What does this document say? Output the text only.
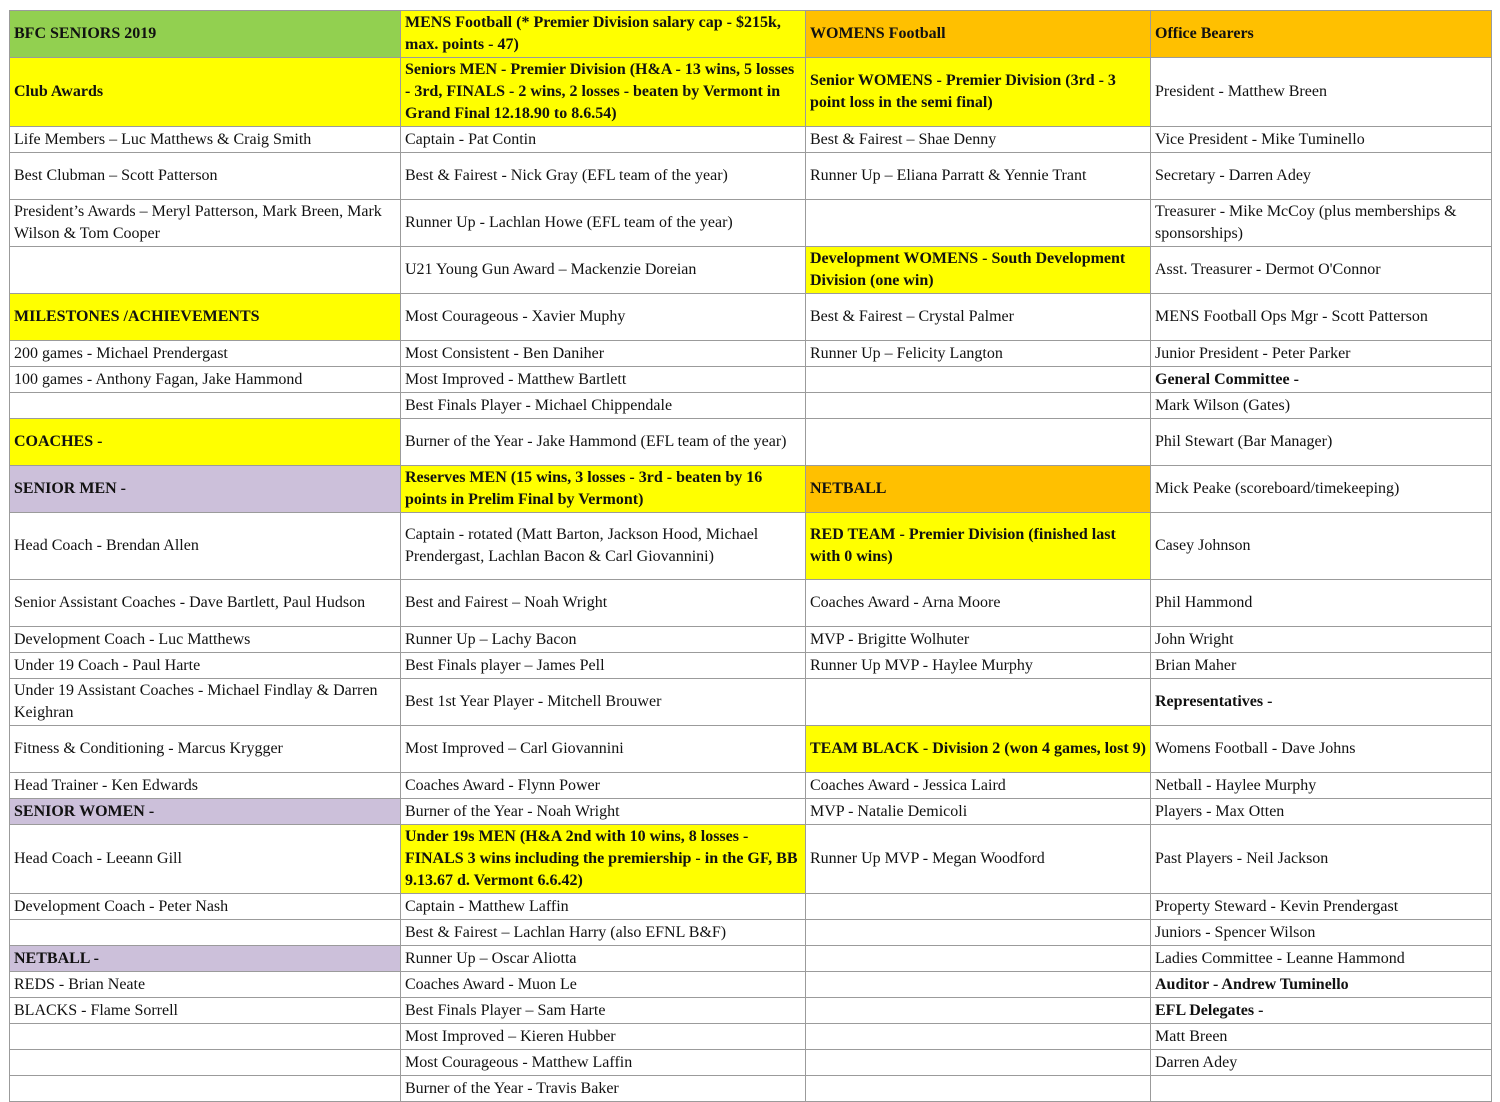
BFC SENIORS 2019	MENS Football (* Premier Division salary cap - $215k, max. points - 47)	WOMENS Football	Office Bearers
Club Awards	Seniors MEN - Premier Division (H&A - 13 wins, 5 losses - 3rd, FINALS - 2 wins, 2 losses - beaten by Vermont in Grand Final 12.18.90 to 8.6.54)	Senior WOMENS - Premier Division (3rd - 3 point loss in the semi final)	President - Matthew Breen
Life Members – Luc Matthews & Craig Smith	Captain - Pat Contin	Best & Fairest – Shae Denny	Vice President - Mike Tuminello
Best Clubman – Scott Patterson	Best & Fairest - Nick Gray (EFL team of the year)	Runner Up – Eliana Parratt & Yennie Trant	Secretary - Darren Adey
President’s Awards – Meryl Patterson, Mark Breen, Mark Wilson & Tom Cooper	Runner Up - Lachlan Howe (EFL team of the year)		Treasurer - Mike McCoy (plus memberships & sponsorships)
	U21 Young Gun Award – Mackenzie Doreian	Development WOMENS - South Development Division (one win)	Asst. Treasurer - Dermot O'Connor
MILESTONES /ACHIEVEMENTS	Most Courageous - Xavier Muphy	Best & Fairest – Crystal Palmer	MENS Football Ops Mgr - Scott Patterson
200 games - Michael Prendergast	Most Consistent - Ben Daniher	Runner Up – Felicity Langton	Junior President - Peter Parker
100 games - Anthony Fagan, Jake Hammond	Most Improved - Matthew Bartlett		General Committee -
	Best Finals Player - Michael Chippendale		Mark Wilson (Gates)
COACHES -	Burner of the Year - Jake Hammond (EFL team of the year)		Phil Stewart (Bar Manager)
SENIOR MEN -	Reserves MEN (15 wins, 3 losses - 3rd - beaten by 16 points in Prelim Final by Vermont)	NETBALL	Mick Peake (scoreboard/timekeeping)
Head Coach - Brendan Allen	Captain - rotated (Matt Barton, Jackson Hood, Michael Prendergast, Lachlan Bacon & Carl Giovannini)	RED TEAM - Premier Division (finished last with 0 wins)	Casey Johnson
Senior Assistant Coaches - Dave Bartlett, Paul Hudson	Best and Fairest – Noah Wright	Coaches Award - Arna Moore	Phil Hammond
Development Coach - Luc Matthews	Runner Up – Lachy Bacon	MVP - Brigitte Wolhuter	John Wright
Under 19 Coach - Paul Harte	Best Finals player – James Pell	Runner Up MVP - Haylee Murphy	Brian Maher
Under 19 Assistant Coaches - Michael Findlay & Darren Keighran	Best 1st Year Player - Mitchell Brouwer		Representatives -
Fitness & Conditioning - Marcus Krygger	Most Improved – Carl Giovannini	TEAM BLACK - Division 2 (won 4 games, lost 9)	Womens Football - Dave Johns
Head Trainer - Ken Edwards	Coaches Award - Flynn Power	Coaches Award - Jessica Laird	Netball - Haylee Murphy
SENIOR WOMEN -	Burner of the Year - Noah Wright	MVP - Natalie Demicoli	Players - Max Otten
Head Coach - Leeann Gill	Under 19s MEN (H&A 2nd with 10 wins, 8 losses - FINALS 3 wins including the premiership - in the GF, BB 9.13.67 d. Vermont 6.6.42)	Runner Up MVP - Megan Woodford	Past Players - Neil Jackson
Development Coach - Peter Nash	Captain - Matthew Laffin		Property Steward - Kevin Prendergast
	Best & Fairest – Lachlan Harry (also EFNL B&F)		Juniors - Spencer Wilson
NETBALL -	Runner Up – Oscar Aliotta		Ladies Committee - Leanne Hammond
REDS - Brian Neate	Coaches Award - Muon Le		Auditor - Andrew Tuminello
BLACKS - Flame Sorrell	Best Finals Player – Sam Harte		EFL Delegates -
	Most Improved – Kieren Hubber		Matt Breen
	Most Courageous - Matthew Laffin		Darren Adey
	Burner of the Year - Travis Baker		
